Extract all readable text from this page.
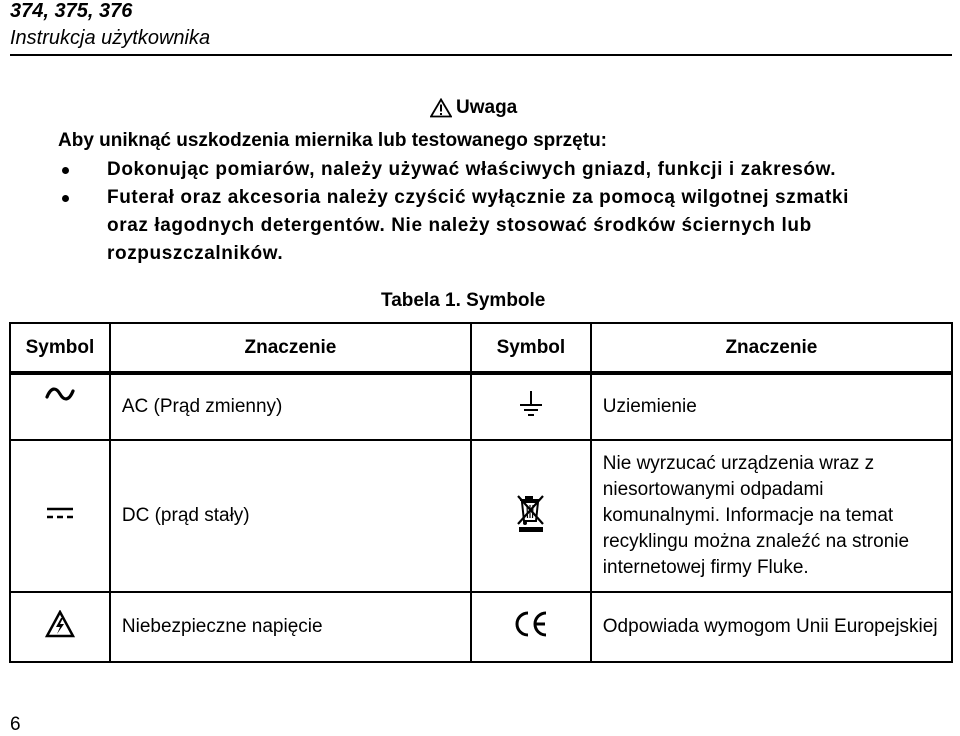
374, 375, 376
Instrukcja użytkownika
Uwaga
Aby uniknąć uszkodzenia miernika lub testowanego sprzętu:
Dokonując pomiarów, należy używać właściwych gniazd, funkcji i zakresów.
Futerał oraz akcesoria należy czyścić wyłącznie za pomocą wilgotnej szmatki oraz łagodnych detergentów. Nie należy stosować środków ściernych lub rozpuszczalników.
Tabela 1. Symbole
Symbol	Znaczenie	Symbol	Znaczenie
	AC (Prąd zmienny)		Uziemienie
	DC (prąd stały)		Nie wyrzucać urządzenia wraz z niesortowanymi odpadami komunalnymi. Informacje na temat recyklingu można znaleźć na stronie internetowej firmy Fluke.
	Niebezpieczne napięcie		Odpowiada wymogom Unii Europejskiej
6
